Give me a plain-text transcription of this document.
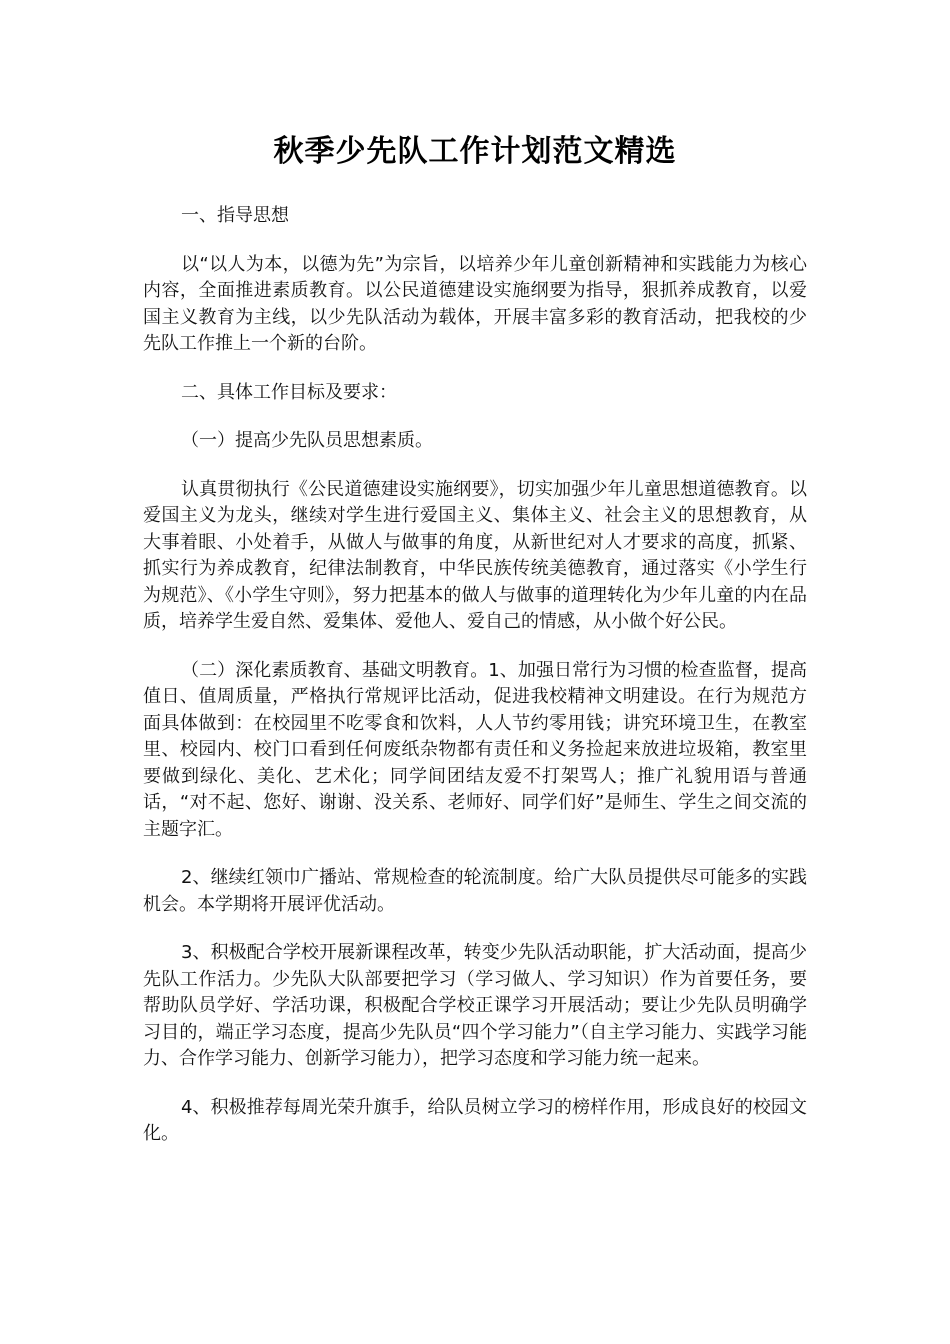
秋季少先队工作计划范文精选

一、指导思想

以“以人为本，以德为先”为宗旨，以培养少年儿童创新精神和实践能力为核心内容，全面推进素质教育。以公民道德建设实施纲要为指导，狠抓养成教育，以爱国主义教育为主线，以少先队活动为载体，开展丰富多彩的教育活动，把我校的少先队工作推上一个新的台阶。

二、具体工作目标及要求：

（一）提高少先队员思想素质。

认真贯彻执行《公民道德建设实施纲要》，切实加强少年儿童思想道德教育。以爱国主义为龙头，继续对学生进行爱国主义、集体主义、社会主义的思想教育，从大事着眼、小处着手，从做人与做事的角度，从新世纪对人才要求的高度，抓紧、抓实行为养成教育，纪律法制教育，中华民族传统美德教育，通过落实《小学生行为规范》、《小学生守则》，努力把基本的做人与做事的道理转化为少年儿童的内在品质，培养学生爱自然、爱集体、爱他人、爱自己的情感，从小做个好公民。

（二）深化素质教育、基础文明教育。1、加强日常行为习惯的检查监督，提高值日、值周质量，严格执行常规评比活动，促进我校精神文明建设。在行为规范方面具体做到：在校园里不吃零食和饮料，人人节约零用钱；讲究环境卫生，在教室里、校园内、校门口看到任何废纸杂物都有责任和义务捡起来放进垃圾箱，教室里要做到绿化、美化、艺术化；同学间团结友爱不打架骂人；推广礼貌用语与普通话，“对不起、您好、谢谢、没关系、老师好、同学们好”是师生、学生之间交流的主题字汇。

2、继续红领巾广播站、常规检查的轮流制度。给广大队员提供尽可能多的实践机会。本学期将开展评优活动。

3、积极配合学校开展新课程改革，转变少先队活动职能，扩大活动面，提高少先队工作活力。少先队大队部要把学习（学习做人、学习知识）作为首要任务，要帮助队员学好、学活功课，积极配合学校正课学习开展活动；要让少先队员明确学习目的，端正学习态度，提高少先队员“四个学习能力”（自主学习能力、实践学习能力、合作学习能力、创新学习能力），把学习态度和学习能力统一起来。

4、积极推荐每周光荣升旗手，给队员树立学习的榜样作用，形成良好的校园文化。
